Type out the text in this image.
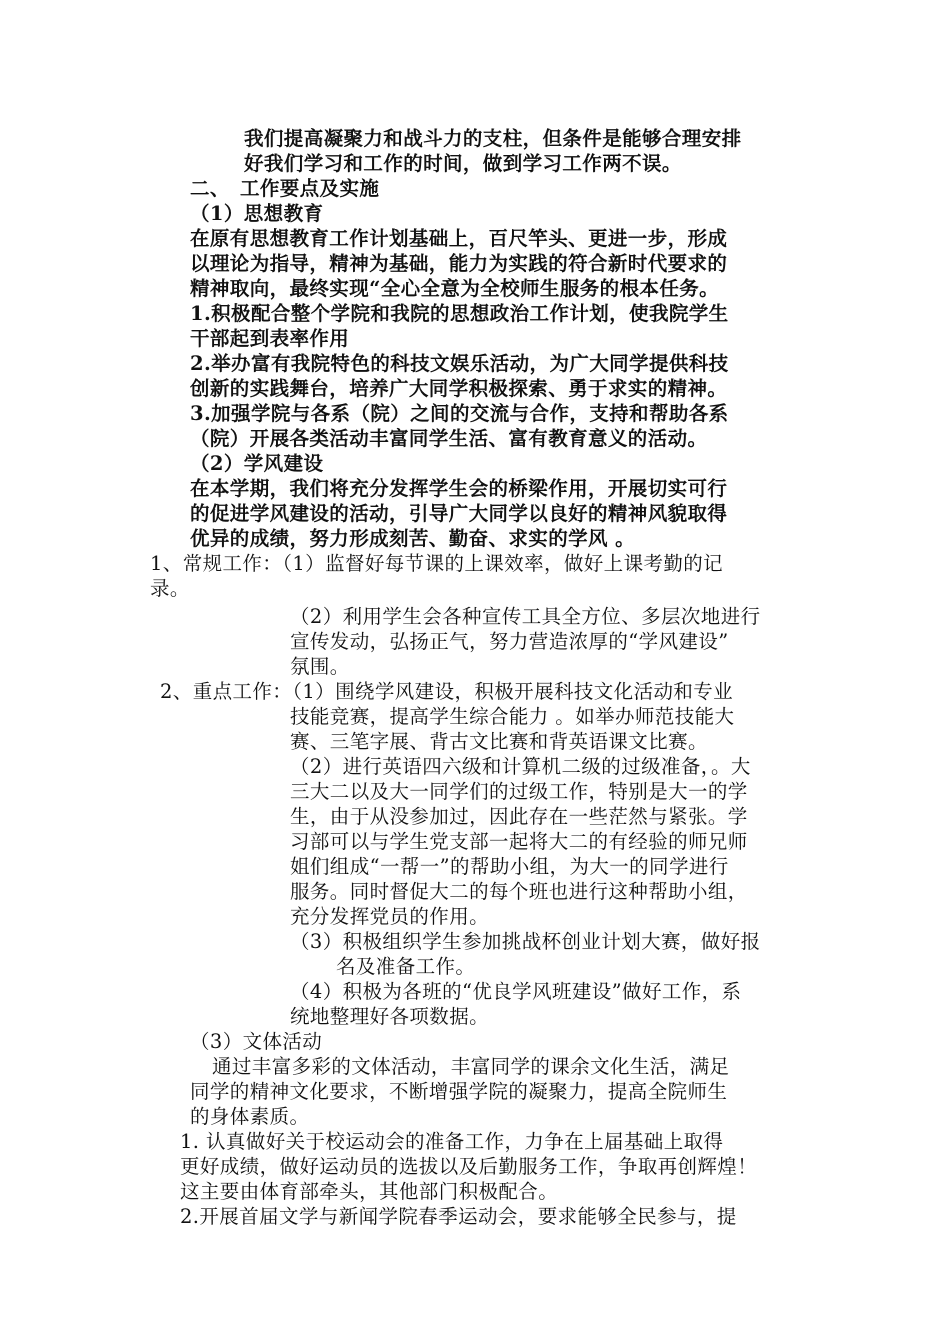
我们提高凝聚力和战斗力的支柱，但条件是能够合理安排
好我们学习和工作的时间，做到学习工作两不误。
二、　工作要点及实施
（1）思想教育
在原有思想教育工作计划基础上，百尺竿头、更进一步，形成
以理论为指导，精神为基础，能力为实践的符合新时代要求的
精神取向，最终实现“全心全意为全校师生服务的根本任务。
1.积极配合整个学院和我院的思想政治工作计划，使我院学生
干部起到表率作用
2.举办富有我院特色的科技文娱乐活动，为广大同学提供科技
创新的实践舞台，培养广大同学积极探索、勇于求实的精神。
3.加强学院与各系（院）之间的交流与合作，支持和帮助各系
（院）开展各类活动丰富同学生活、富有教育意义的活动。
（2）学风建设
在本学期，我们将充分发挥学生会的桥梁作用，开展切实可行
的促进学风建设的活动，引导广大同学以良好的精神风貌取得
优异的成绩，努力形成刻苦、勤奋、求实的学风 。
1、常规工作：（1）监督好每节课的上课效率，做好上课考勤的记
录。
（2）利用学生会各种宣传工具全方位、多层次地进行
宣传发动，弘扬正气，努力营造浓厚的“学风建设”
氛围。
2、重点工作：（1）围绕学风建设，积极开展科技文化活动和专业
技能竞赛，提高学生综合能力 。如举办师范技能大
赛、三笔字展、背古文比赛和背英语课文比赛。
（2）进行英语四六级和计算机二级的过级准备，。大
三大二以及大一同学们的过级工作，特别是大一的学
生，由于从没参加过，因此存在一些茫然与紧张。学
习部可以与学生党支部一起将大二的有经验的师兄师
姐们组成“一帮一”的帮助小组，为大一的同学进行
服务。同时督促大二的每个班也进行这种帮助小组，
充分发挥党员的作用。
（3）积极组织学生参加挑战杯创业计划大赛，做好报
名及准备工作。
（4）积极为各班的“优良学风班建设”做好工作，系
统地整理好各项数据。
（3）文体活动
通过丰富多彩的文体活动，丰富同学的课余文化生活，满足
同学的精神文化要求，不断增强学院的凝聚力，提高全院师生
的身体素质。
1. 认真做好关于校运动会的准备工作，力争在上届基础上取得
更好成绩，做好运动员的选拔以及后勤服务工作，争取再创辉煌！
这主要由体育部牵头，其他部门积极配合。
2.开展首届文学与新闻学院春季运动会，要求能够全民参与，提
